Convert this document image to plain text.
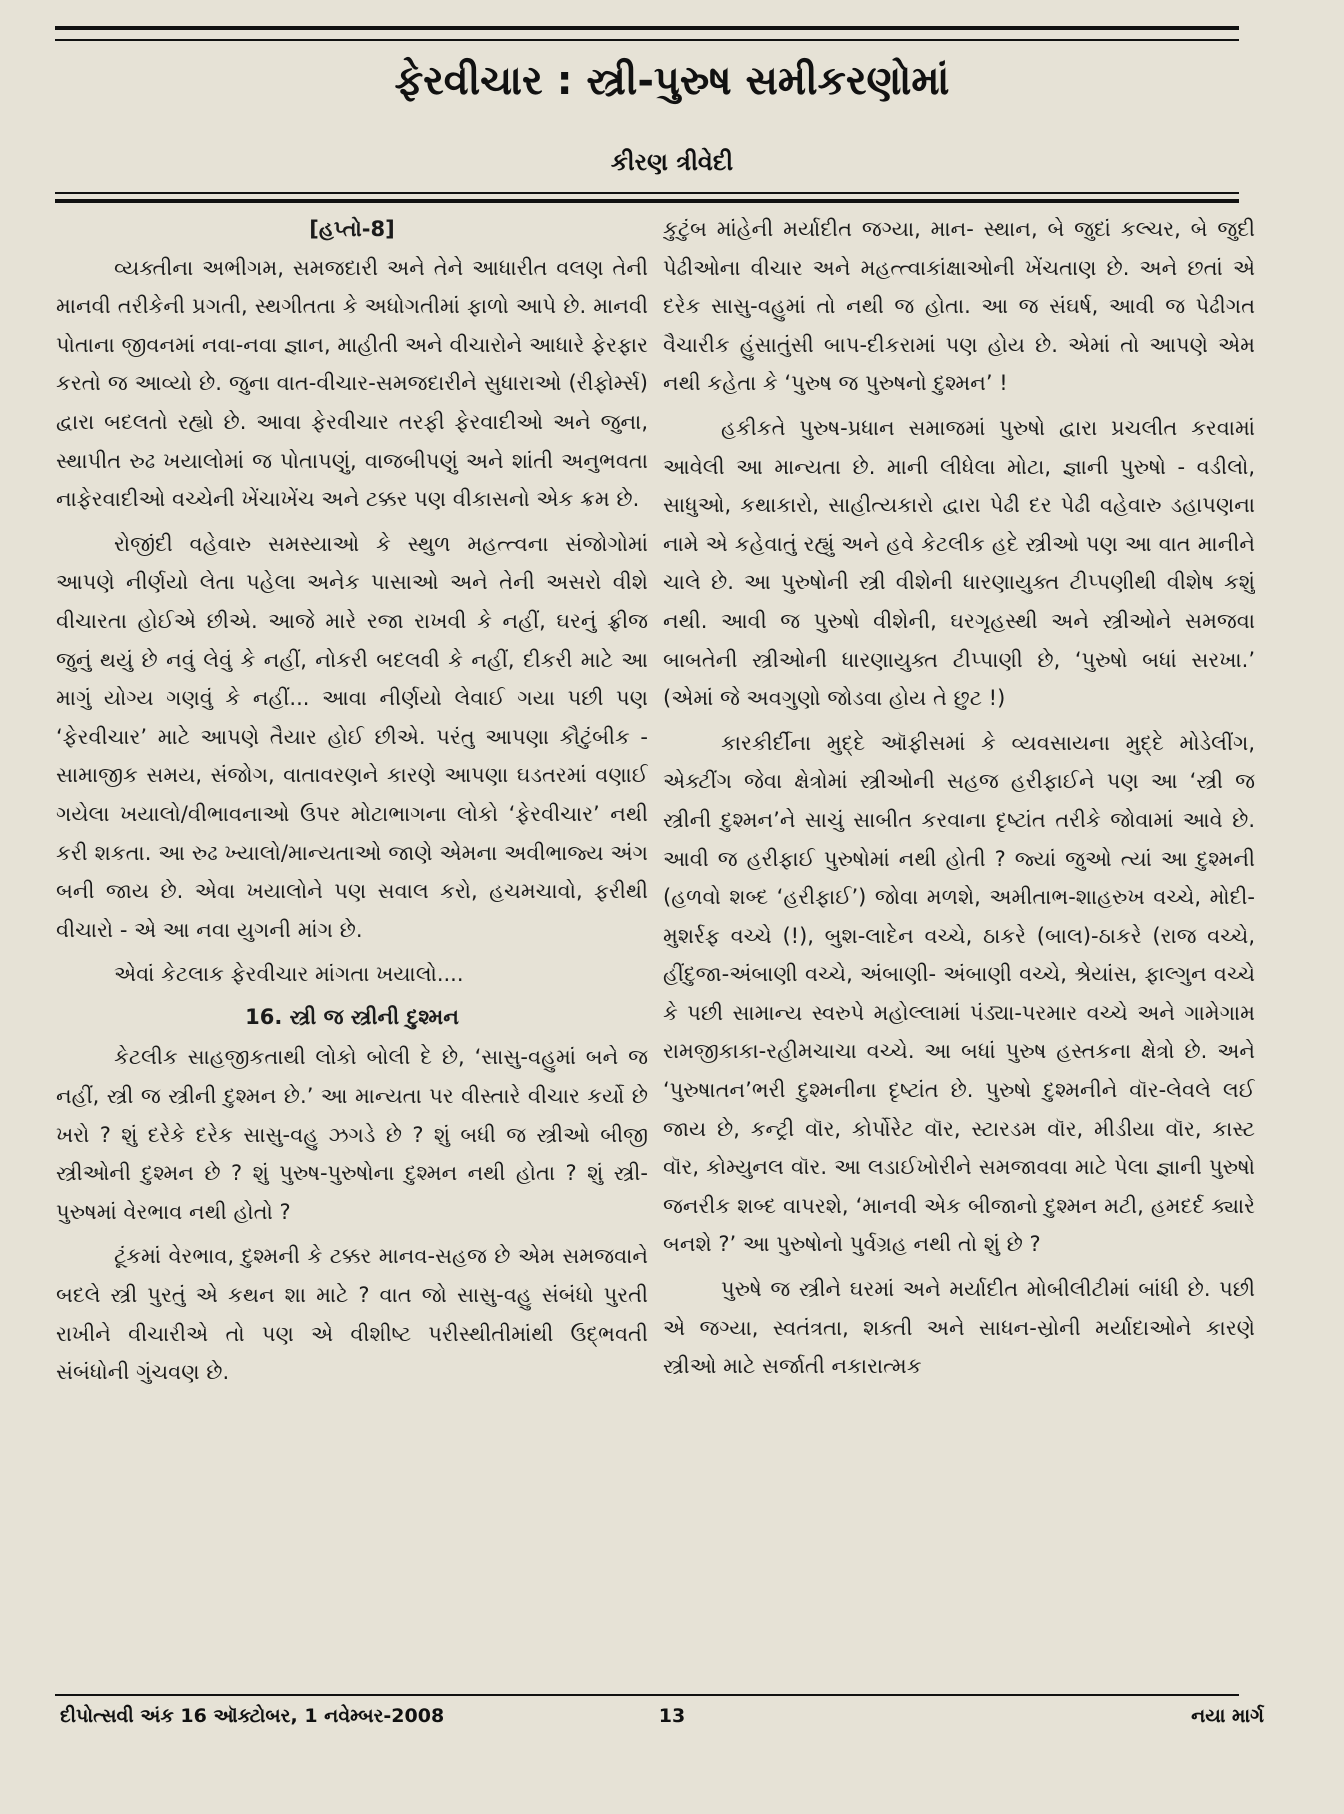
ફેરવીચાર : સ્ત્રી-પુરુષ સમીકરણોમાં
કીરણ ત્રીવેદી
[હપ્તો-8]

વ્યક્તીના અભીગમ, સમજદારી અને તેને આધારીત વલણ તેની માનવી તરીકેની પ્રગતી, સ્થગીતતા કે અધોગતીમાં ફાળો આપે છે. માનવી પોતાના જીવનમાં નવા-નવા જ્ઞાન, માહીતી અને વીચારોને આધારે ફેરફાર કરતો જ આવ્યો છે. જુના વાત-વીચાર-સમજદારીને સુધારાઓ (રીફોર્મ્સ) દ્વારા બદલતો રહ્યો છે. આવા ફેરવીચાર તરફી ફેરવાદીઓ અને જુના, સ્થાપીત રુઢ ખયાલોમાં જ પોતાપણું, વાજબીપણું અને શાંતી અનુભવતા નાફેરવાદીઓ વચ્ચેની ખેંચાખેંચ અને ટક્કર પણ વીકાસનો એક ક્રમ છે.

રોજીંદી વહેવારુ સમસ્યાઓ કે સ્થુળ મહત્ત્વના સંજોગોમાં આપણે નીર્ણયો લેતા પહેલા અનેક પાસાઓ અને તેની અસરો વીશે વીચારતા હોઈએ છીએ. આજે મારે રજા રાખવી કે નહીં, ઘરનું ફ્રીજ જુનું થયું છે નવું લેવું કે નહીં, નોકરી બદલવી કે નહીં, દીકરી માટે આ માગું યોગ્ય ગણવું કે નહીં... આવા નીર્ણયો લેવાઈ ગયા પછી પણ ‘ફેરવીચાર’ માટે આપણે તૈયાર હોઈ છીએ. પરંતુ આપણા કૌટુંબીક - સામાજીક સમય, સંજોગ, વાતાવરણને કારણે આપણા ઘડતરમાં વણાઈ ગયેલા ખયાલો/વીભાવનાઓ ઉપર મોટાભાગના લોકો ‘ફેરવીચાર’ નથી કરી શકતા. આ રુઢ ખ્યાલો/માન્યતાઓ જાણે એમના અવીભાજ્ય અંગ બની જાય છે. એવા ખયાલોને પણ સવાલ કરો, હચમચાવો, ફરીથી વીચારો - એ આ નવા યુગની માંગ છે.

એવાં કેટલાક ફેરવીચાર માંગતા ખયાલો....

16. સ્ત્રી જ સ્ત્રીની દુશ્મન

કેટલીક સાહજીકતાથી લોકો બોલી દે છે, ‘સાસુ-વહુમાં બને જ નહીં, સ્ત્રી જ સ્ત્રીની દુશ્મન છે.’ આ માન્યતા પર વીસ્તારે વીચાર કર્યો છે ખરો ? શું દરેકે દરેક સાસુ-વહુ ઝગડે છે ? શું બધી જ સ્ત્રીઓ બીજી સ્ત્રીઓની દુશ્મન છે ? શું પુરુષ-પુરુષોના દુશ્મન નથી હોતા ? શું સ્ત્રી-પુરુષમાં વેરભાવ નથી હોતો ?

ટૂંકમાં વેરભાવ, દુશ્મની કે ટક્કર માનવ-સહજ છે એમ સમજવાને બદલે સ્ત્રી પુરતું એ કથન શા માટે ? વાત જો સાસુ-વહુ સંબંધો પુરતી રાખીને વીચારીએ તો પણ એ વીશીષ્ટ પરીસ્થીતીમાંથી ઉદ્ભવતી સંબંધોની ગુંચવણ છે.

કુટુંબ માંહેની મર્યાદીત જગ્યા, માન- સ્થાન, બે જુદાં કલ્ચર, બે જુદી પેઢીઓના વીચાર અને મહત્ત્વાકાંક્ષાઓની ખેંચતાણ છે. અને છતાં એ દરેક સાસુ-વહુમાં તો નથી જ હોતા. આ જ સંઘર્ષ, આવી જ પેઢીગત વૈચારીક હુંસાતુંસી બાપ-દીકરામાં પણ હોય છે. એમાં તો આપણે એમ નથી કહેતા કે ‘પુરુષ જ પુરુષનો દુશ્મન’ !

હકીકતે પુરુષ-પ્રધાન સમાજમાં પુરુષો દ્વારા પ્રચલીત કરવામાં આવેલી આ માન્યતા છે. માની લીધેલા મોટા, જ્ઞાની પુરુષો - વડીલો, સાધુઓ, કથાકારો, સાહીત્યકારો દ્વારા પેઢી દર પેઢી વહેવારુ ડહાપણના નામે એ કહેવાતું રહ્યું અને હવે કેટલીક હદે સ્ત્રીઓ પણ આ વાત માનીને ચાલે છે. આ પુરુષોની સ્ત્રી વીશેની ધારણાયુક્ત ટીપ્પણીથી વીશેષ કશું નથી. આવી જ પુરુષો વીશેની, ઘરગૃહસ્થી અને સ્ત્રીઓને સમજવા બાબતેની સ્ત્રીઓની ધારણાયુક્ત ટીપ્પાણી છે, ‘પુરુષો બધાં સરખા.’ (એમાં જે અવગુણો જોડવા હોય તે છુટ !)

કારકીર્દીના મુદ્દે ઑફીસમાં કે વ્યવસાયના મુદ્દે મોડેલીંગ, એક્ટીંગ જેવા ક્ષેત્રોમાં સ્ત્રીઓની સહજ હરીફાઈને પણ આ ‘સ્ત્રી જ સ્ત્રીની દુશ્મન’ને સાચું સાબીત કરવાના દૃષ્ટાંત તરીકે જોવામાં આવે છે. આવી જ હરીફાઈ પુરુષોમાં નથી હોતી ? જ્યાં જુઓ ત્યાં આ દુશ્મની (હળવો શબ્દ ‘હરીફાઈ’) જોવા મળશે, અમીતાભ-શાહરુખ વચ્ચે, મોદી-મુશર્રફ વચ્ચે (!), બુશ-લાદેન વચ્ચે, ઠાકરે (બાલ)-ઠાકરે (રાજ વચ્ચે, હીંદુજા-અંબાણી વચ્ચે, અંબાણી- અંબાણી વચ્ચે, શ્રેયાંસ, ફાલ્ગુન વચ્ચે કે પછી સામાન્ય સ્વરુપે મહોલ્લામાં પંડ્યા-પરમાર વચ્ચે અને ગામેગામ રામજીકાકા-રહીમચાચા વચ્ચે. આ બધાં પુરુષ હસ્તકના ક્ષેત્રો છે. અને ‘પુરુષાતન’ભરી દુશ્મનીના દૃષ્ટાંત છે. પુરુષો દુશ્મનીને વૉર-લેવલે લઈ જાય છે, કન્ટ્રી વૉર, કોર્પોરેટ વૉર, સ્ટારડમ વૉર, મીડીયા વૉર, કાસ્ટ વૉર, કોમ્યુનલ વૉર. આ લડાઈખોરીને સમજાવવા માટે પેલા જ્ઞાની પુરુષો જનરીક શબ્દ વાપરશે, ‘માનવી એક બીજાનો દુશ્મન મટી, હમદર્દ ક્યારે બનશે ?’ આ પુરુષોનો પુર્વગ્રહ નથી તો શું છે ?

પુરુષે જ સ્ત્રીને ઘરમાં અને મર્યાદીત મોબીલીટીમાં બાંધી છે. પછી એ જગ્યા, સ્વતંત્રતા, શક્તી અને સાધન-સ્રોની મર્યાદાઓને કારણે સ્ત્રીઓ માટે સર્જાતી નકારાત્મક

દીપોત્સવી અંક 16 ઑક્ટોબર, 1 નવેમ્બર-2008	13	નયા માર્ગ
